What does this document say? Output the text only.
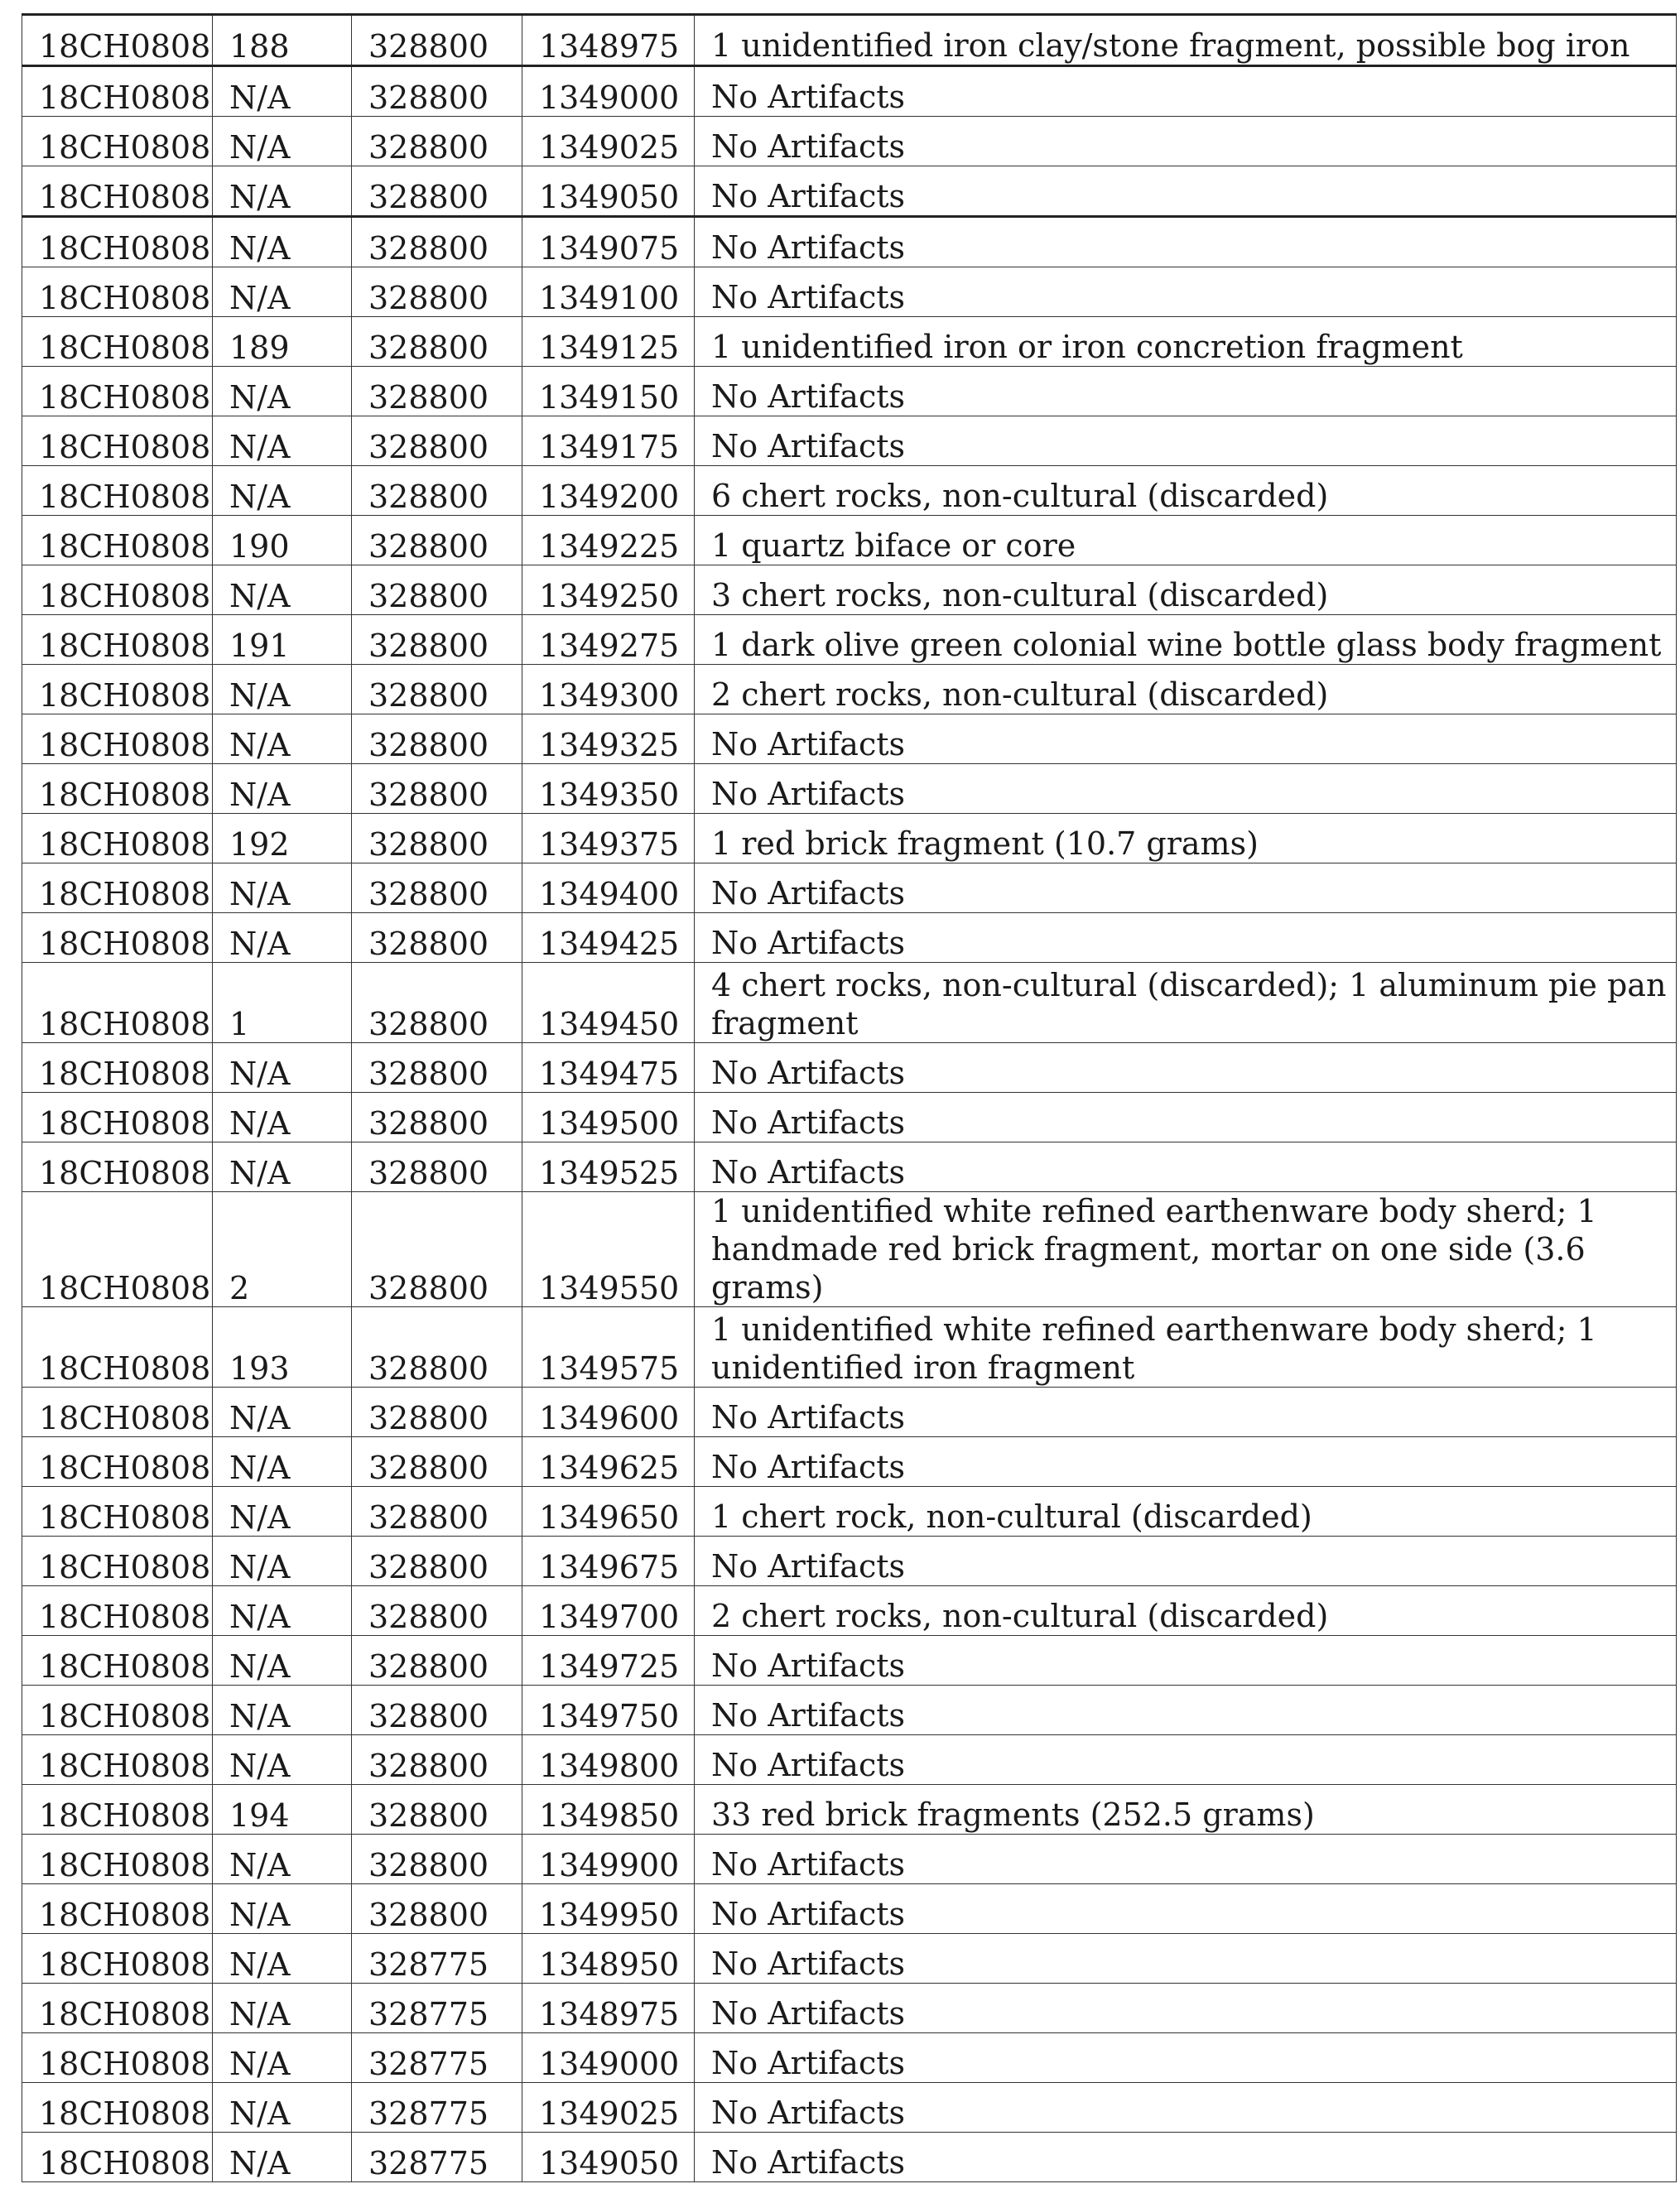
18CH0808	188	328800	1348975	1 unidentified iron clay/stone fragment, possible bog iron
18CH0808	N/A	328800	1349000	No Artifacts
18CH0808	N/A	328800	1349025	No Artifacts
18CH0808	N/A	328800	1349050	No Artifacts
18CH0808	N/A	328800	1349075	No Artifacts
18CH0808	N/A	328800	1349100	No Artifacts
18CH0808	189	328800	1349125	1 unidentified iron or iron concretion fragment
18CH0808	N/A	328800	1349150	No Artifacts
18CH0808	N/A	328800	1349175	No Artifacts
18CH0808	N/A	328800	1349200	6 chert rocks, non-cultural (discarded)
18CH0808	190	328800	1349225	1 quartz biface or core
18CH0808	N/A	328800	1349250	3 chert rocks, non-cultural (discarded)
18CH0808	191	328800	1349275	1 dark olive green colonial wine bottle glass body fragment
18CH0808	N/A	328800	1349300	2 chert rocks, non-cultural (discarded)
18CH0808	N/A	328800	1349325	No Artifacts
18CH0808	N/A	328800	1349350	No Artifacts
18CH0808	192	328800	1349375	1 red brick fragment (10.7 grams)
18CH0808	N/A	328800	1349400	No Artifacts
18CH0808	N/A	328800	1349425	No Artifacts
18CH0808	1	328800	1349450	4 chert rocks, non-cultural (discarded); 1 aluminum pie pan fragment
18CH0808	N/A	328800	1349475	No Artifacts
18CH0808	N/A	328800	1349500	No Artifacts
18CH0808	N/A	328800	1349525	No Artifacts
18CH0808	2	328800	1349550	1 unidentified white refined earthenware body sherd; 1 handmade red brick fragment, mortar on one side (3.6 grams)
18CH0808	193	328800	1349575	1 unidentified white refined earthenware body sherd; 1 unidentified iron fragment
18CH0808	N/A	328800	1349600	No Artifacts
18CH0808	N/A	328800	1349625	No Artifacts
18CH0808	N/A	328800	1349650	1 chert rock, non-cultural (discarded)
18CH0808	N/A	328800	1349675	No Artifacts
18CH0808	N/A	328800	1349700	2 chert rocks, non-cultural (discarded)
18CH0808	N/A	328800	1349725	No Artifacts
18CH0808	N/A	328800	1349750	No Artifacts
18CH0808	N/A	328800	1349800	No Artifacts
18CH0808	194	328800	1349850	33 red brick fragments (252.5 grams)
18CH0808	N/A	328800	1349900	No Artifacts
18CH0808	N/A	328800	1349950	No Artifacts
18CH0808	N/A	328775	1348950	No Artifacts
18CH0808	N/A	328775	1348975	No Artifacts
18CH0808	N/A	328775	1349000	No Artifacts
18CH0808	N/A	328775	1349025	No Artifacts
18CH0808	N/A	328775	1349050	No Artifacts
